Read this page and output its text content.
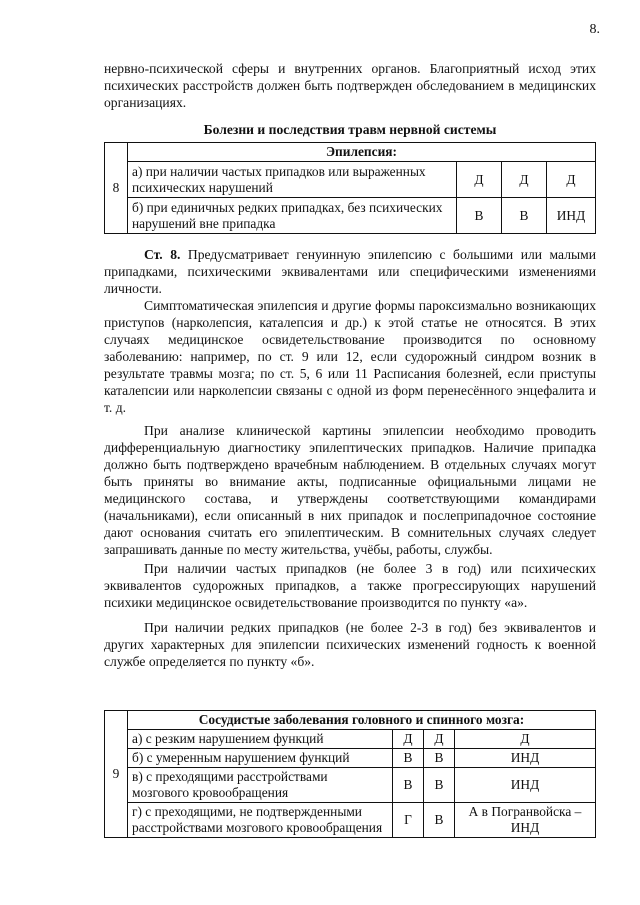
8.
нервно-психической сферы и внутренних органов. Благоприятный исход этих психических расстройств должен быть подтвержден обследованием в медицинских организациях.
Болезни и последствия травм нервной системы
8	Эпилепсия:			
	а) при наличии частых припадков или выраженных психических нарушений	Д	Д	Д
	б) при единичных редких припадках, без психических нарушений вне припадка	В	В	ИНД
Ст. 8. Предусматривает генуинную эпилепсию с большими или малыми припадками, психическими эквивалентами или специфическими изменениями личности.
Симптоматическая эпилепсия и другие формы пароксизмально возникающих приступов (нарколепсия, каталепсия и др.) к этой статье не относятся. В этих случаях медицинское освидетельствование производится по основному заболеванию: например, по ст. 9 или 12, если судорожный синдром возник в результате травмы мозга; по ст. 5, 6 или 11 Расписания болезней, если приступы каталепсии или нарколепсии связаны с одной из форм перенесённого энцефалита и т. д.
При анализе клинической картины эпилепсии необходимо проводить дифференциальную диагностику эпилептических припадков. Наличие припадка должно быть подтверждено врачебным наблюдением. В отдельных случаях могут быть приняты во внимание акты, подписанные официальными лицами не медицинского состава, и утверждены соответствующими командирами (начальниками), если описанный в них припадок и послеприпадочное состояние дают основания считать его эпилептическим. В сомнительных случаях следует запрашивать данные по месту жительства, учёбы, работы, службы.
При наличии частых припадков (не более 3 в год) или психических эквивалентов судорожных припадков, а также прогрессирующих нарушений психики медицинское освидетельствование производится по пункту «а».
При наличии редких припадков (не более 2-3 в год) без эквивалентов и других характерных для эпилепсии психических изменений годность к военной службе определяется по пункту «б».
9	Сосудистые заболевания головного и спинного мозга:			
	а) с резким нарушением функций	Д	Д	Д
	б) с умеренным нарушением функций	В	В	ИНД
	в) с преходящими расстройствами мозгового кровообращения	В	В	ИНД
	г) с преходящими, не подтвержденными расстройствами мозгового кровообращения	Г	В	А в Погранвойска – ИНД
